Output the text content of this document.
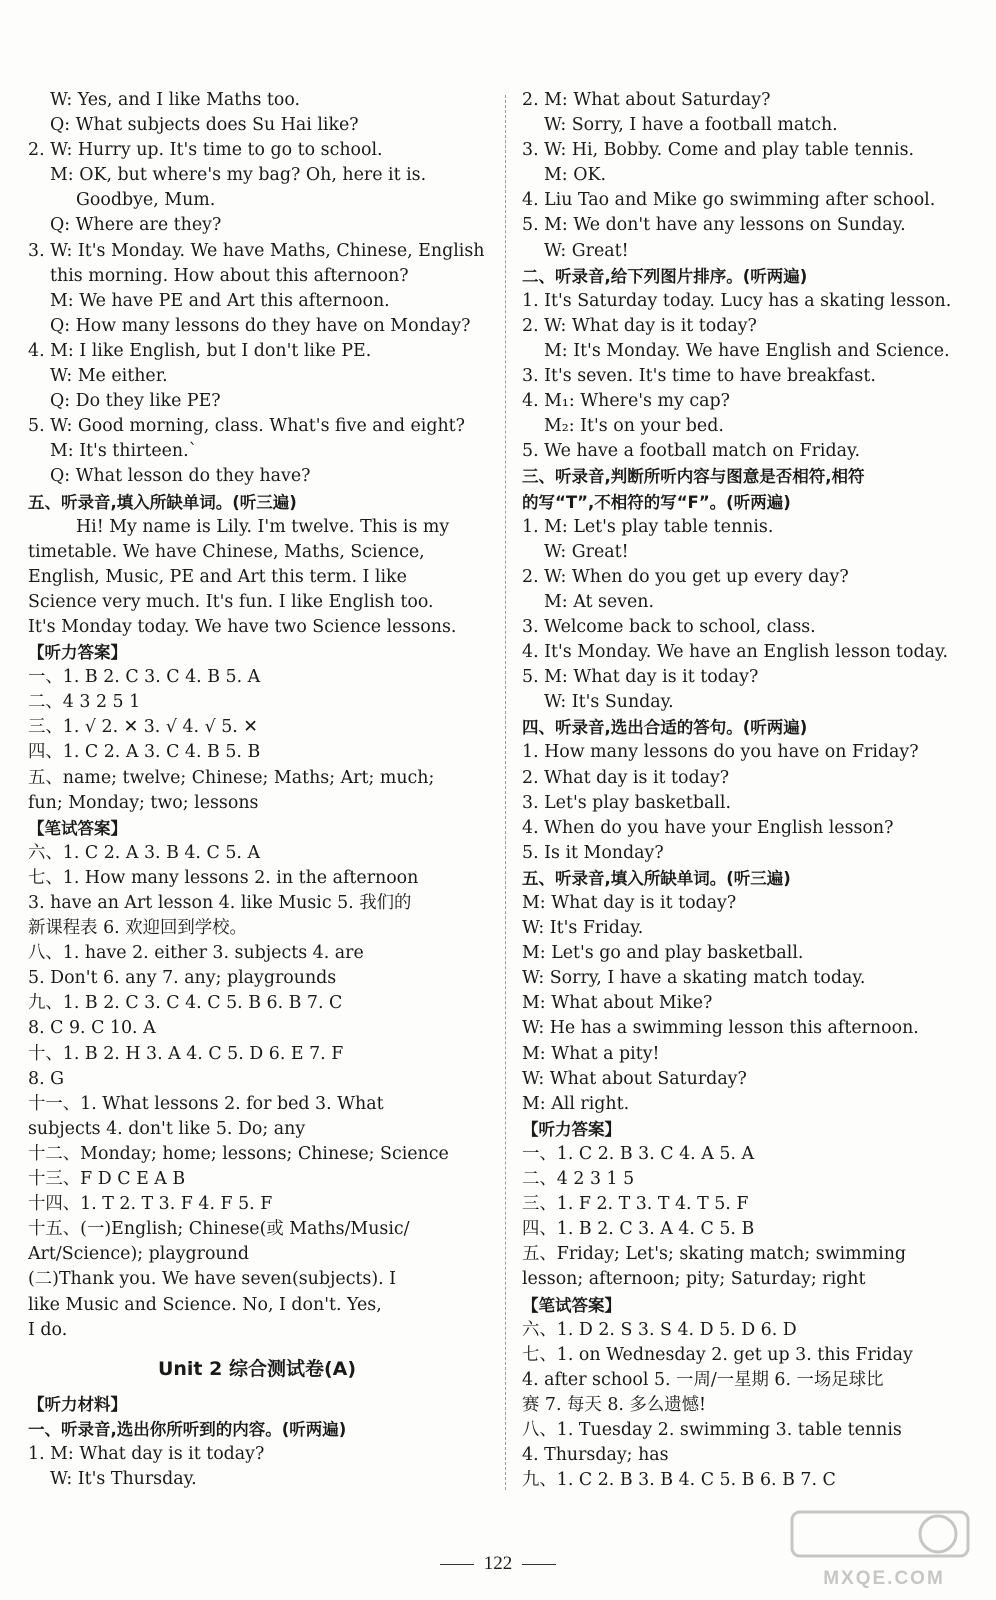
W: Yes, and I like Maths too.
Q: What subjects does Su Hai like?
2. W: Hurry up. It's time to go to school.
M: OK, but where's my bag? Oh, here it is.
Goodbye, Mum.
Q: Where are they?
3. W: It's Monday. We have Maths, Chinese, English
this morning. How about this afternoon?
M: We have PE and Art this afternoon.
Q: How many lessons do they have on Monday?
4. M: I like English, but I don't like PE.
W: Me either.
Q: Do they like PE?
5. W: Good morning, class. What's five and eight?
M: It's thirteen.`
Q: What lesson do they have?
五、听录音,填入所缺单词。(听三遍)
Hi! My name is Lily. I'm twelve. This is my
timetable. We have Chinese, Maths, Science,
English, Music, PE and Art this term. I like
Science very much. It's fun. I like English too.
It's Monday today. We have two Science lessons.
【听力答案】
一、1. B 2. C 3. C 4. B 5. A
二、4 3 2 5 1
三、1. √ 2. ✕ 3. √ 4. √ 5. ✕
四、1. C 2. A 3. C 4. B 5. B
五、name; twelve; Chinese; Maths; Art; much;
fun; Monday; two; lessons
【笔试答案】
六、1. C 2. A 3. B 4. C 5. A
七、1. How many lessons 2. in the afternoon
3. have an Art lesson 4. like Music 5. 我们的
新课程表 6. 欢迎回到学校。
八、1. have 2. either 3. subjects 4. are
5. Don't 6. any 7. any; playgrounds
九、1. B 2. C 3. C 4. C 5. B 6. B 7. C
8. C 9. C 10. A
十、1. B 2. H 3. A 4. C 5. D 6. E 7. F
8. G
十一、1. What lessons 2. for bed 3. What
subjects 4. don't like 5. Do; any
十二、Monday; home; lessons; Chinese; Science
十三、F D C E A B
十四、1. T 2. T 3. F 4. F 5. F
十五、(一)English; Chinese(或 Maths/Music/
Art/Science); playground
(二)Thank you. We have seven(subjects). I
like Music and Science. No, I don't. Yes,
I do.
Unit 2 综合测试卷(A)
【听力材料】
一、听录音,选出你所听到的内容。(听两遍)
1. M: What day is it today?
W: It's Thursday.
2. M: What about Saturday?
W: Sorry, I have a football match.
3. W: Hi, Bobby. Come and play table tennis.
M: OK.
4. Liu Tao and Mike go swimming after school.
5. M: We don't have any lessons on Sunday.
W: Great!
二、听录音,给下列图片排序。(听两遍)
1. It's Saturday today. Lucy has a skating lesson.
2. W: What day is it today?
M: It's Monday. We have English and Science.
3. It's seven. It's time to have breakfast.
4. M₁: Where's my cap?
M₂: It's on your bed.
5. We have a football match on Friday.
三、听录音,判断所听内容与图意是否相符,相符
的写“T”,不相符的写“F”。(听两遍)
1. M: Let's play table tennis.
W: Great!
2. W: When do you get up every day?
M: At seven.
3. Welcome back to school, class.
4. It's Monday. We have an English lesson today.
5. M: What day is it today?
W: It's Sunday.
四、听录音,选出合适的答句。(听两遍)
1. How many lessons do you have on Friday?
2. What day is it today?
3. Let's play basketball.
4. When do you have your English lesson?
5. Is it Monday?
五、听录音,填入所缺单词。(听三遍)
M: What day is it today?
W: It's Friday.
M: Let's go and play basketball.
W: Sorry, I have a skating match today.
M: What about Mike?
W: He has a swimming lesson this afternoon.
M: What a pity!
W: What about Saturday?
M: All right.
【听力答案】
一、1. C 2. B 3. C 4. A 5. A
二、4 2 3 1 5
三、1. F 2. T 3. T 4. T 5. F
四、1. B 2. C 3. A 4. C 5. B
五、Friday; Let's; skating match; swimming
lesson; afternoon; pity; Saturday; right
【笔试答案】
六、1. D 2. S 3. S 4. D 5. D 6. D
七、1. on Wednesday 2. get up 3. this Friday
4. after school 5. 一周/一星期 6. 一场足球比
赛 7. 每天 8. 多么遗憾!
八、1. Tuesday 2. swimming 3. table tennis
4. Thursday; has
九、1. C 2. B 3. B 4. C 5. B 6. B 7. C
122
MXQE.COM
